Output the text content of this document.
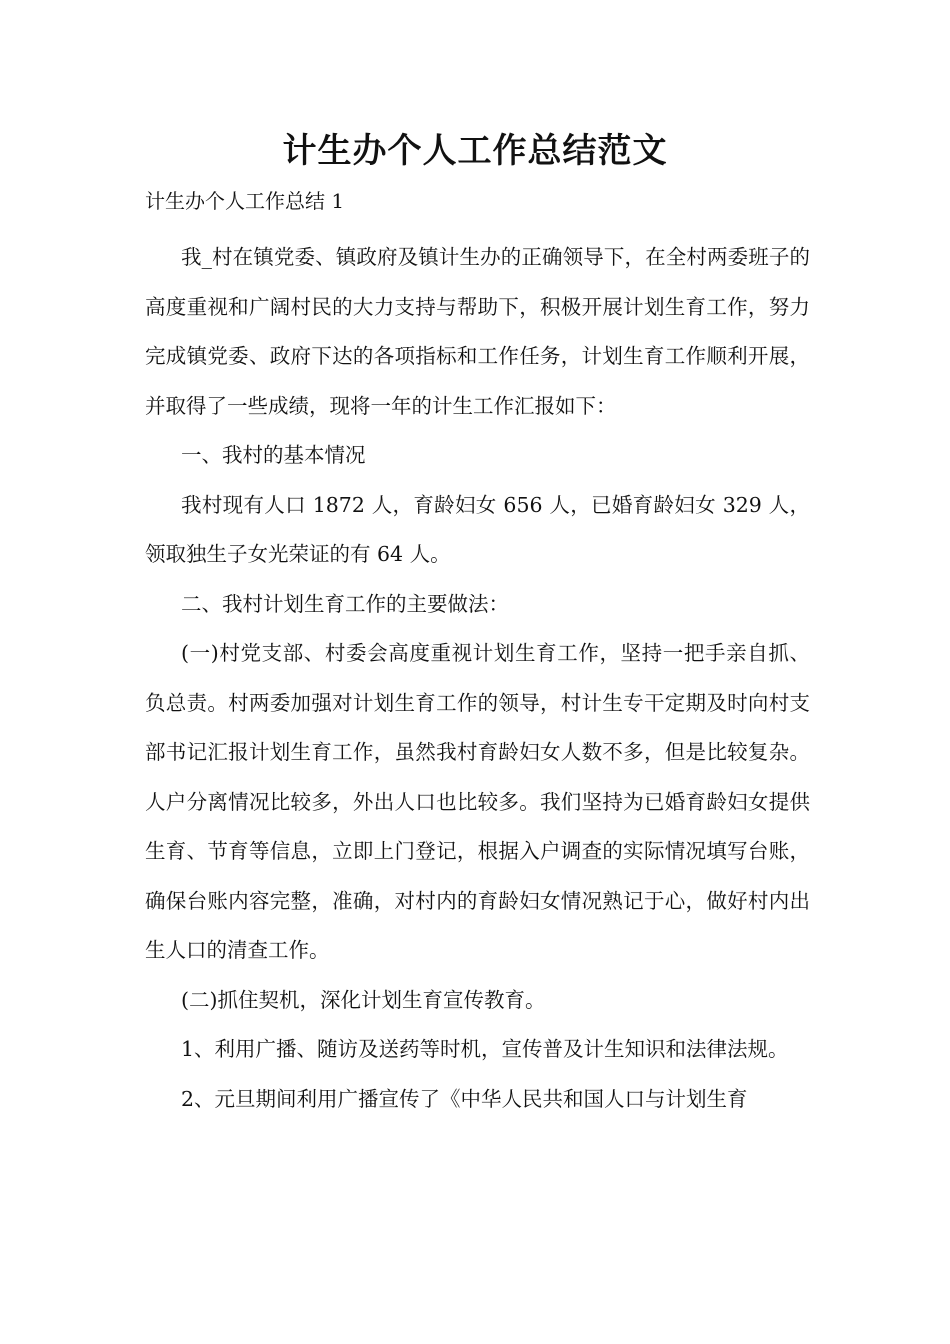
计生办个人工作总结范文

计生办个人工作总结 1

我_村在镇党委、镇政府及镇计生办的正确领导下，在全村两委班子的高度重视和广阔村民的大力支持与帮助下，积极开展计划生育工作，努力完成镇党委、政府下达的各项指标和工作任务，计划生育工作顺利开展，并取得了一些成绩，现将一年的计生工作汇报如下：

一、我村的基本情况

我村现有人口 1872 人，育龄妇女 656 人，已婚育龄妇女 329 人，领取独生子女光荣证的有 64 人。

二、我村计划生育工作的主要做法：

(一)村党支部、村委会高度重视计划生育工作，坚持一把手亲自抓、负总责。村两委加强对计划生育工作的领导，村计生专干定期及时向村支部书记汇报计划生育工作，虽然我村育龄妇女人数不多，但是比较复杂。人户分离情况比较多，外出人口也比较多。我们坚持为已婚育龄妇女提供生育、节育等信息，立即上门登记，根据入户调查的实际情况填写台账，确保台账内容完整，准确，对村内的育龄妇女情况熟记于心，做好村内出生人口的清查工作。

(二)抓住契机，深化计划生育宣传教育。

1、利用广播、随访及送药等时机，宣传普及计生知识和法律法规。

2、元旦期间利用广播宣传了《中华人民共和国人口与计划生育
